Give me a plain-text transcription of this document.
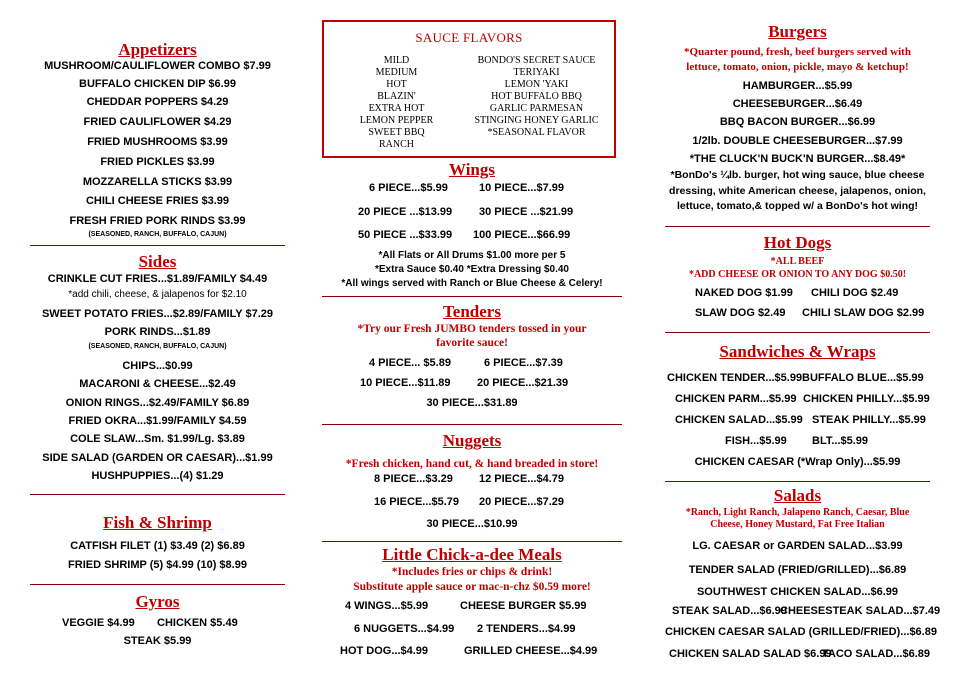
Appetizers
MUSHROOM/CAULIFLOWER COMBO $7.99
BUFFALO CHICKEN DIP $6.99
CHEDDAR POPPERS $4.29
FRIED CAULIFLOWER $4.29
FRIED MUSHROOMS $3.99
FRIED PICKLES $3.99
MOZZARELLA STICKS $3.99
CHILI CHEESE FRIES $3.99
FRESH FRIED PORK RINDS $3.99
(SEASONED, RANCH, BUFFALO, CAJUN)
Sides
CRINKLE CUT FRIES...$1.89/FAMILY $4.49
*add chili, cheese, & jalapenos for $2.10
SWEET POTATO FRIES...$2.89/FAMILY $7.29
PORK RINDS...$1.89
(SEASONED, RANCH, BUFFALO, CAJUN)
CHIPS...$0.99
MACARONI & CHEESE...$2.49
ONION RINGS...$2.49/FAMILY $6.89
FRIED OKRA...$1.99/FAMILY $4.59
COLE SLAW...Sm. $1.99/Lg. $3.89
SIDE SALAD (GARDEN OR CAESAR)...$1.99
HUSHPUPPIES...(4) $1.29
Fish & Shrimp
CATFISH FILET (1) $3.49 (2) $6.89
FRIED SHRIMP (5) $4.99 (10) $8.99
Gyros
VEGGIE $4.99 CHICKEN $5.49
STEAK $5.99
SAUCE FLAVORS
MILD
MEDIUM
HOT
BLAZIN'
EXTRA HOT
LEMON PEPPER
SWEET BBQ
RANCH
BONDO'S SECRET SAUCE
TERIYAKI
LEMON 'YAKI
HOT BUFFALO BBQ
GARLIC PARMESAN
STINGING HONEY GARLIC
*SEASONAL FLAVOR
Wings
6 PIECE...$5.99	10 PIECE...$7.99
20 PIECE ...$13.99 30 PIECE ...$21.99
50 PIECE ...$33.99 100 PIECE...$66.99
*All Flats or All Drums $1.00 more per 5
*Extra Sauce $0.40 *Extra Dressing $0.40
*All wings served with Ranch or Blue Cheese & Celery!
Tenders
*Try our Fresh JUMBO tenders tossed in your
favorite sauce!
4 PIECE... $5.89	6 PIECE...$7.39
10 PIECE...$11.89 20 PIECE...$21.39
30 PIECE...$31.89
Nuggets
*Fresh chicken, hand cut, & hand breaded in store!
8 PIECE...$3.29 12 PIECE...$4.79
16 PIECE...$5.79 20 PIECE...$7.29
30 PIECE...$10.99
Little Chick-a-dee Meals
*Includes fries or chips & drink!
Substitute apple sauce or mac-n-chz $0.59 more!
4 WINGS...$5.99	CHEESE BURGER $5.99
6 NUGGETS...$4.99 2 TENDERS...$4.99
HOT DOG...$4.99	GRILLED CHEESE...$4.99
Burgers
*Quarter pound, fresh, beef burgers served with
lettuce, tomato, onion, pickle, mayo & ketchup!
HAMBURGER...$5.99
CHEESEBURGER...$6.49
BBQ BACON BURGER...$6.99
1/2lb. DOUBLE CHEESEBURGER...$7.99
*THE CLUCK'N BUCK'N BURGER...$8.49*
*BonDo's ¼lb. burger, hot wing sauce, blue cheese
dressing, white American cheese, jalapenos, onion,
lettuce, tomato,& topped w/ a BonDo's hot wing!
Hot Dogs
*ALL BEEF
*ADD CHEESE OR ONION TO ANY DOG $0.50!
NAKED DOG $1.99 CHILI DOG $2.49
SLAW DOG $2.49 CHILI SLAW DOG $2.99
Sandwiches & Wraps
CHICKEN TENDER...$5.99 BUFFALO BLUE...$5.99
CHICKEN PARM...$5.99 CHICKEN PHILLY...$5.99
CHICKEN SALAD...$5.99 STEAK PHILLY...$5.99
FISH...$5.99 BLT...$5.99
CHICKEN CAESAR (*Wrap Only)...$5.99
Salads
*Ranch, Light Ranch, Jalapeno Ranch, Caesar, Blue
Cheese, Honey Mustard, Fat Free Italian
LG. CAESAR or GARDEN SALAD...$3.99
TENDER SALAD (FRIED/GRILLED)...$6.89
SOUTHWEST CHICKEN SALAD...$6.99
STEAK SALAD...$6.99
CHEESESTEAK SALAD...$7.49
CHICKEN CAESAR SALAD (GRILLED/FRIED)...$6.89
CHICKEN SALAD SALAD $6.99
TACO SALAD...$6.89
